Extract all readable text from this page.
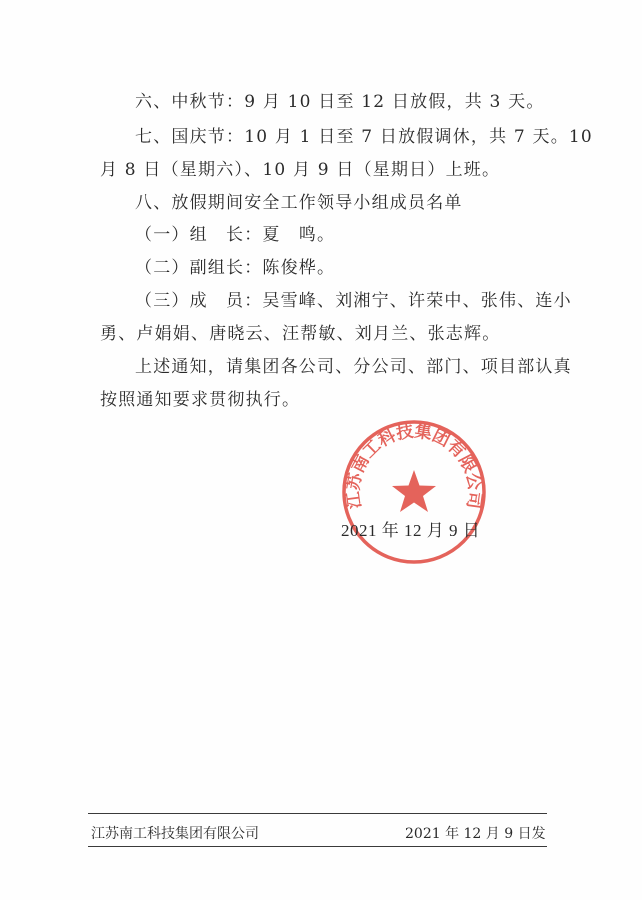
六、中秋节：9 月 10 日至 12 日放假，共 3 天。
七、国庆节：10 月 1 日至 7 日放假调休，共 7 天。10
月 8 日（星期六）、10 月 9 日（星期日）上班。
八、放假期间安全工作领导小组成员名单
（一）组　长：夏　鸣。
（二）副组长：陈俊桦。
（三）成　员：吴雪峰、刘湘宁、许荣中、张伟、连小
勇、卢娟娟、唐晓云、汪帮敏、刘月兰、张志辉。
上述通知，请集团各公司、分公司、部门、项目部认真
按照通知要求贯彻执行。
江苏南工科技集团有限公司
2021 年 12 月 9 日
江苏南工科技集团有限公司	2021 年 12 月 9 日发
